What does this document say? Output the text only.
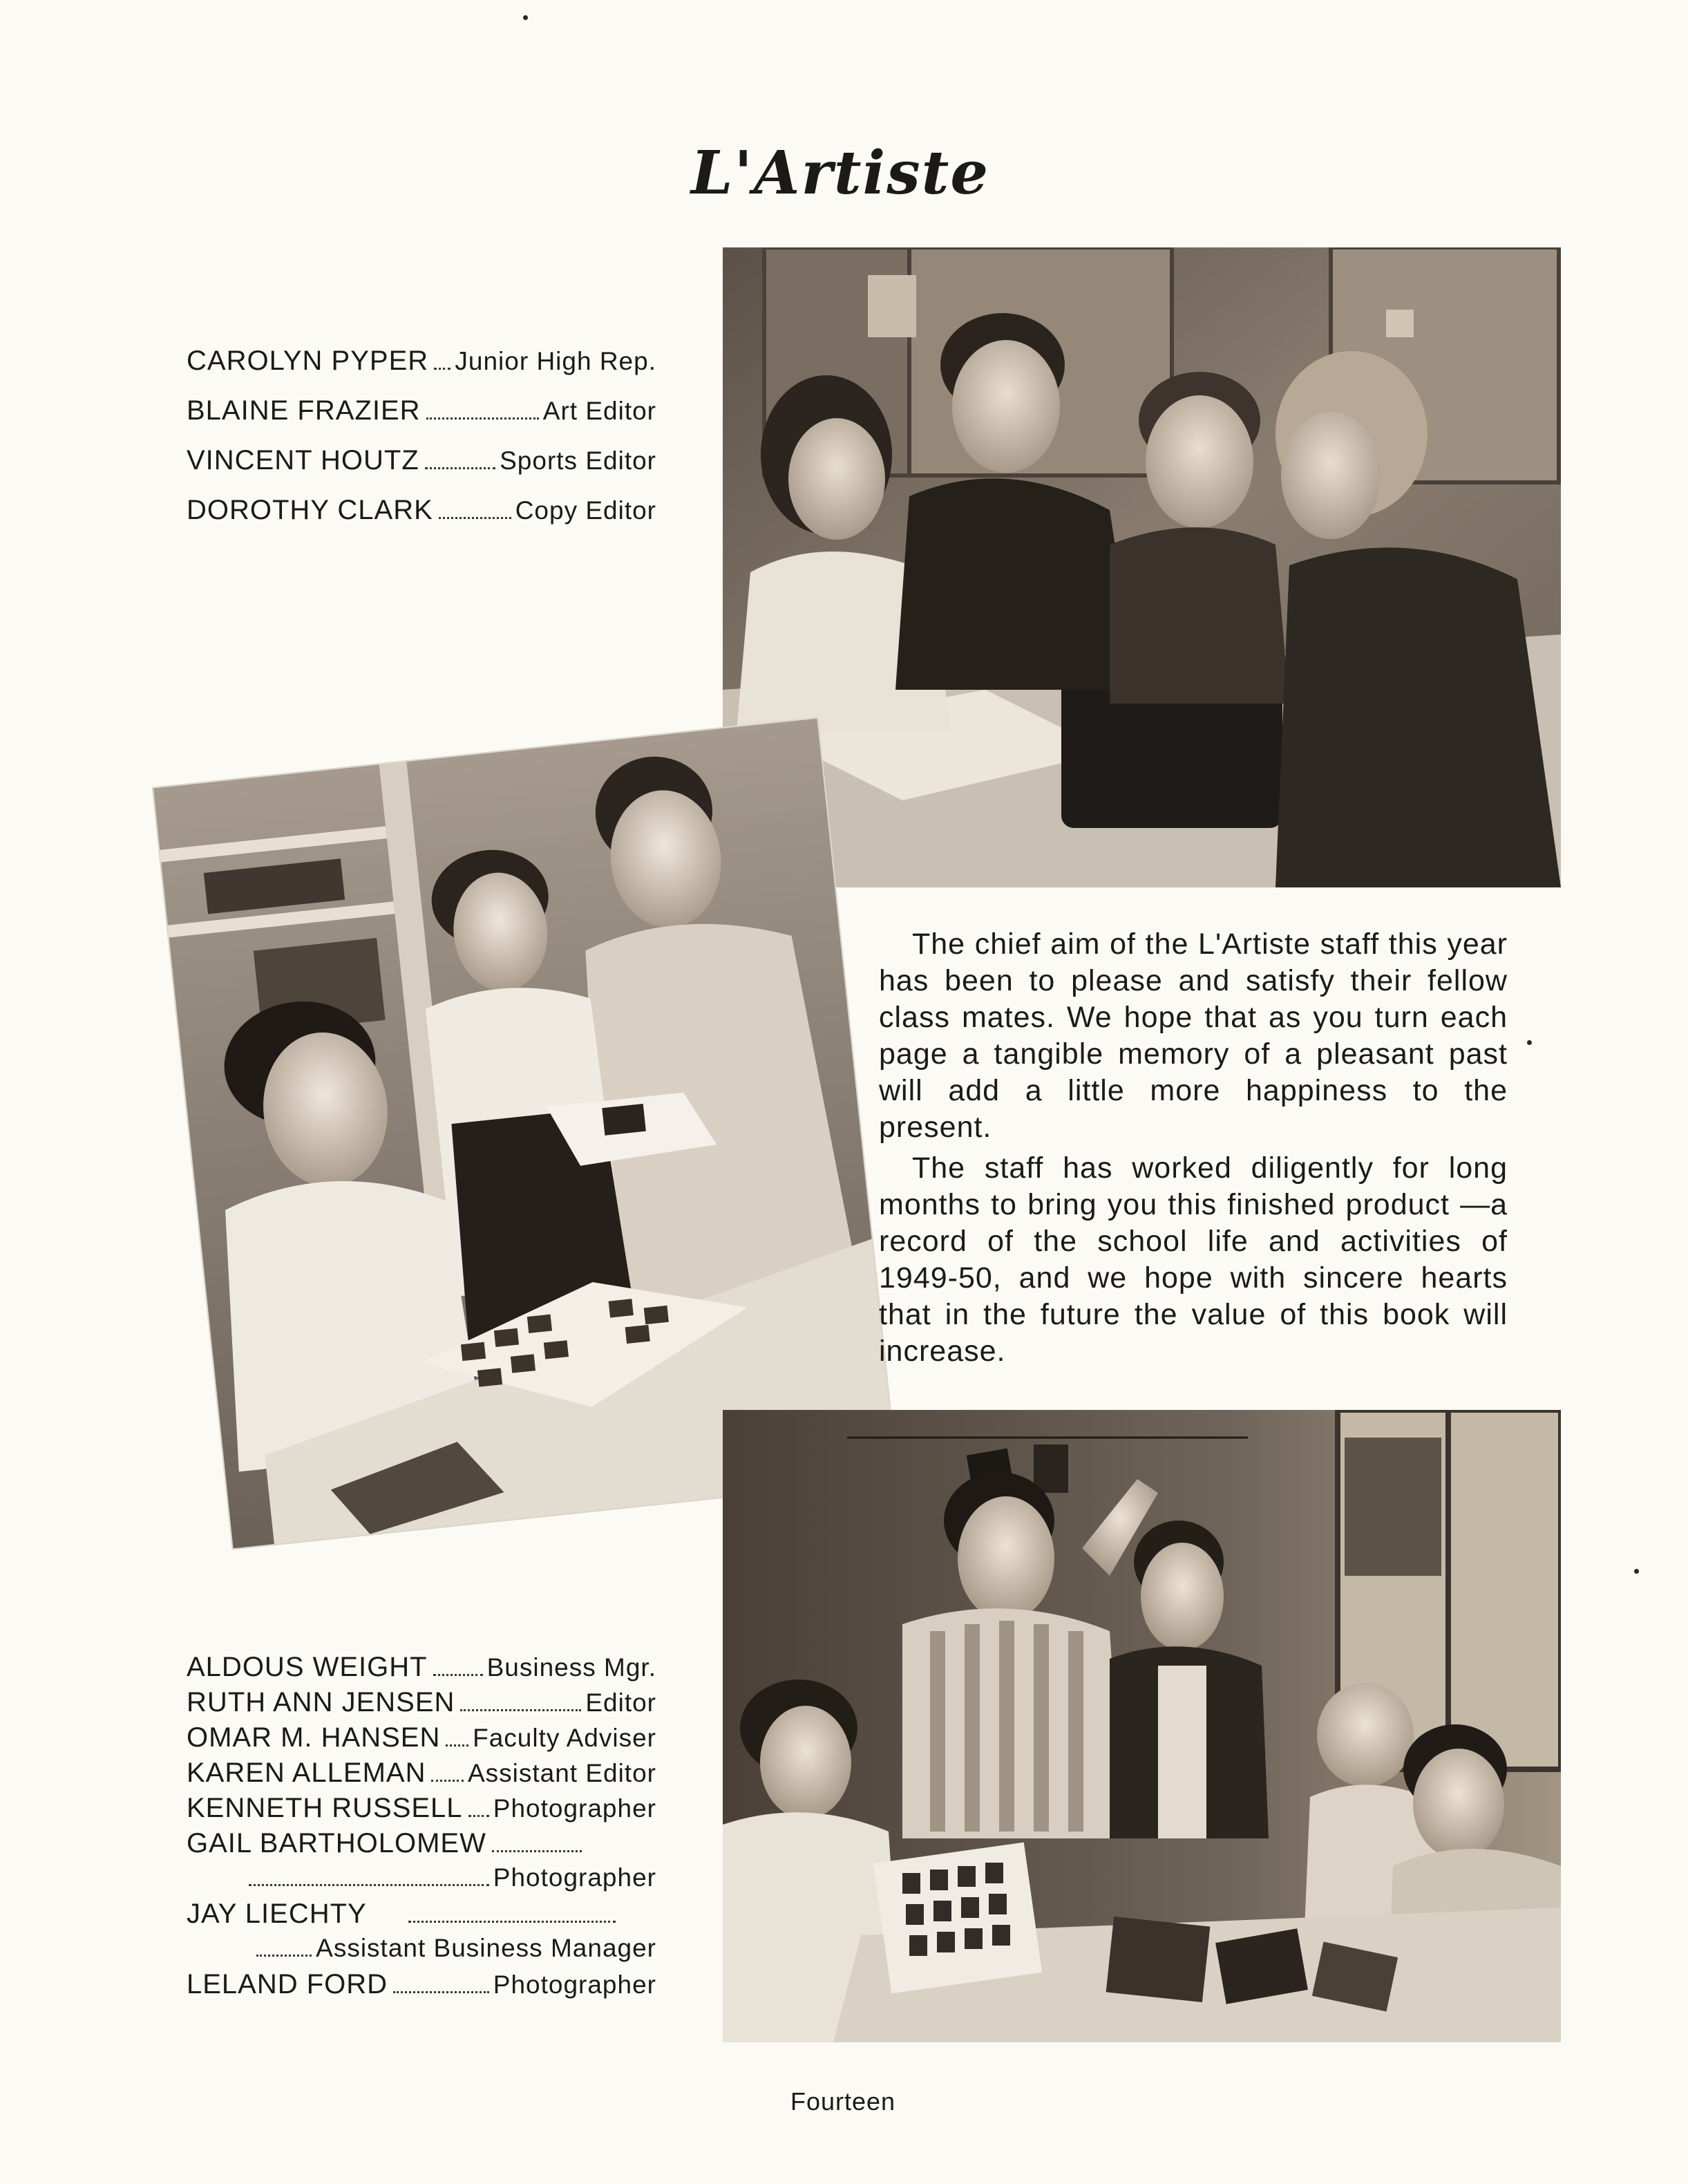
L'Artiste
CAROLYN PYPER Junior High Rep.
BLAINE FRAZIER	Art Editor
VINCENT HOUTZ	Sports Editor
DOROTHY CLARK	Copy Editor

The chief aim of the L'Artiste staff this year has been to please and satisfy their fellow class mates. We hope that as you turn each page a tangible memory of a pleasant past will add a little more happiness to the present.

The staff has worked diligently for long months to bring you this finished product —a record of the school life and activities of 1949-50, and we hope with sincere hearts that in the future the value of this book will increase.

ALDOUS WEIGHT Business Mgr.
RUTH ANN JENSEN	Editor
OMAR M. HANSEN Faculty Adviser
KAREN ALLEMAN Assistant Editor
KENNETH RUSSELL Photographer
GAIL BARTHOLOMEW
Photographer
JAY LIECHTY
Assistant Business Manager
LELAND FORD	Photographer
Fourteen
